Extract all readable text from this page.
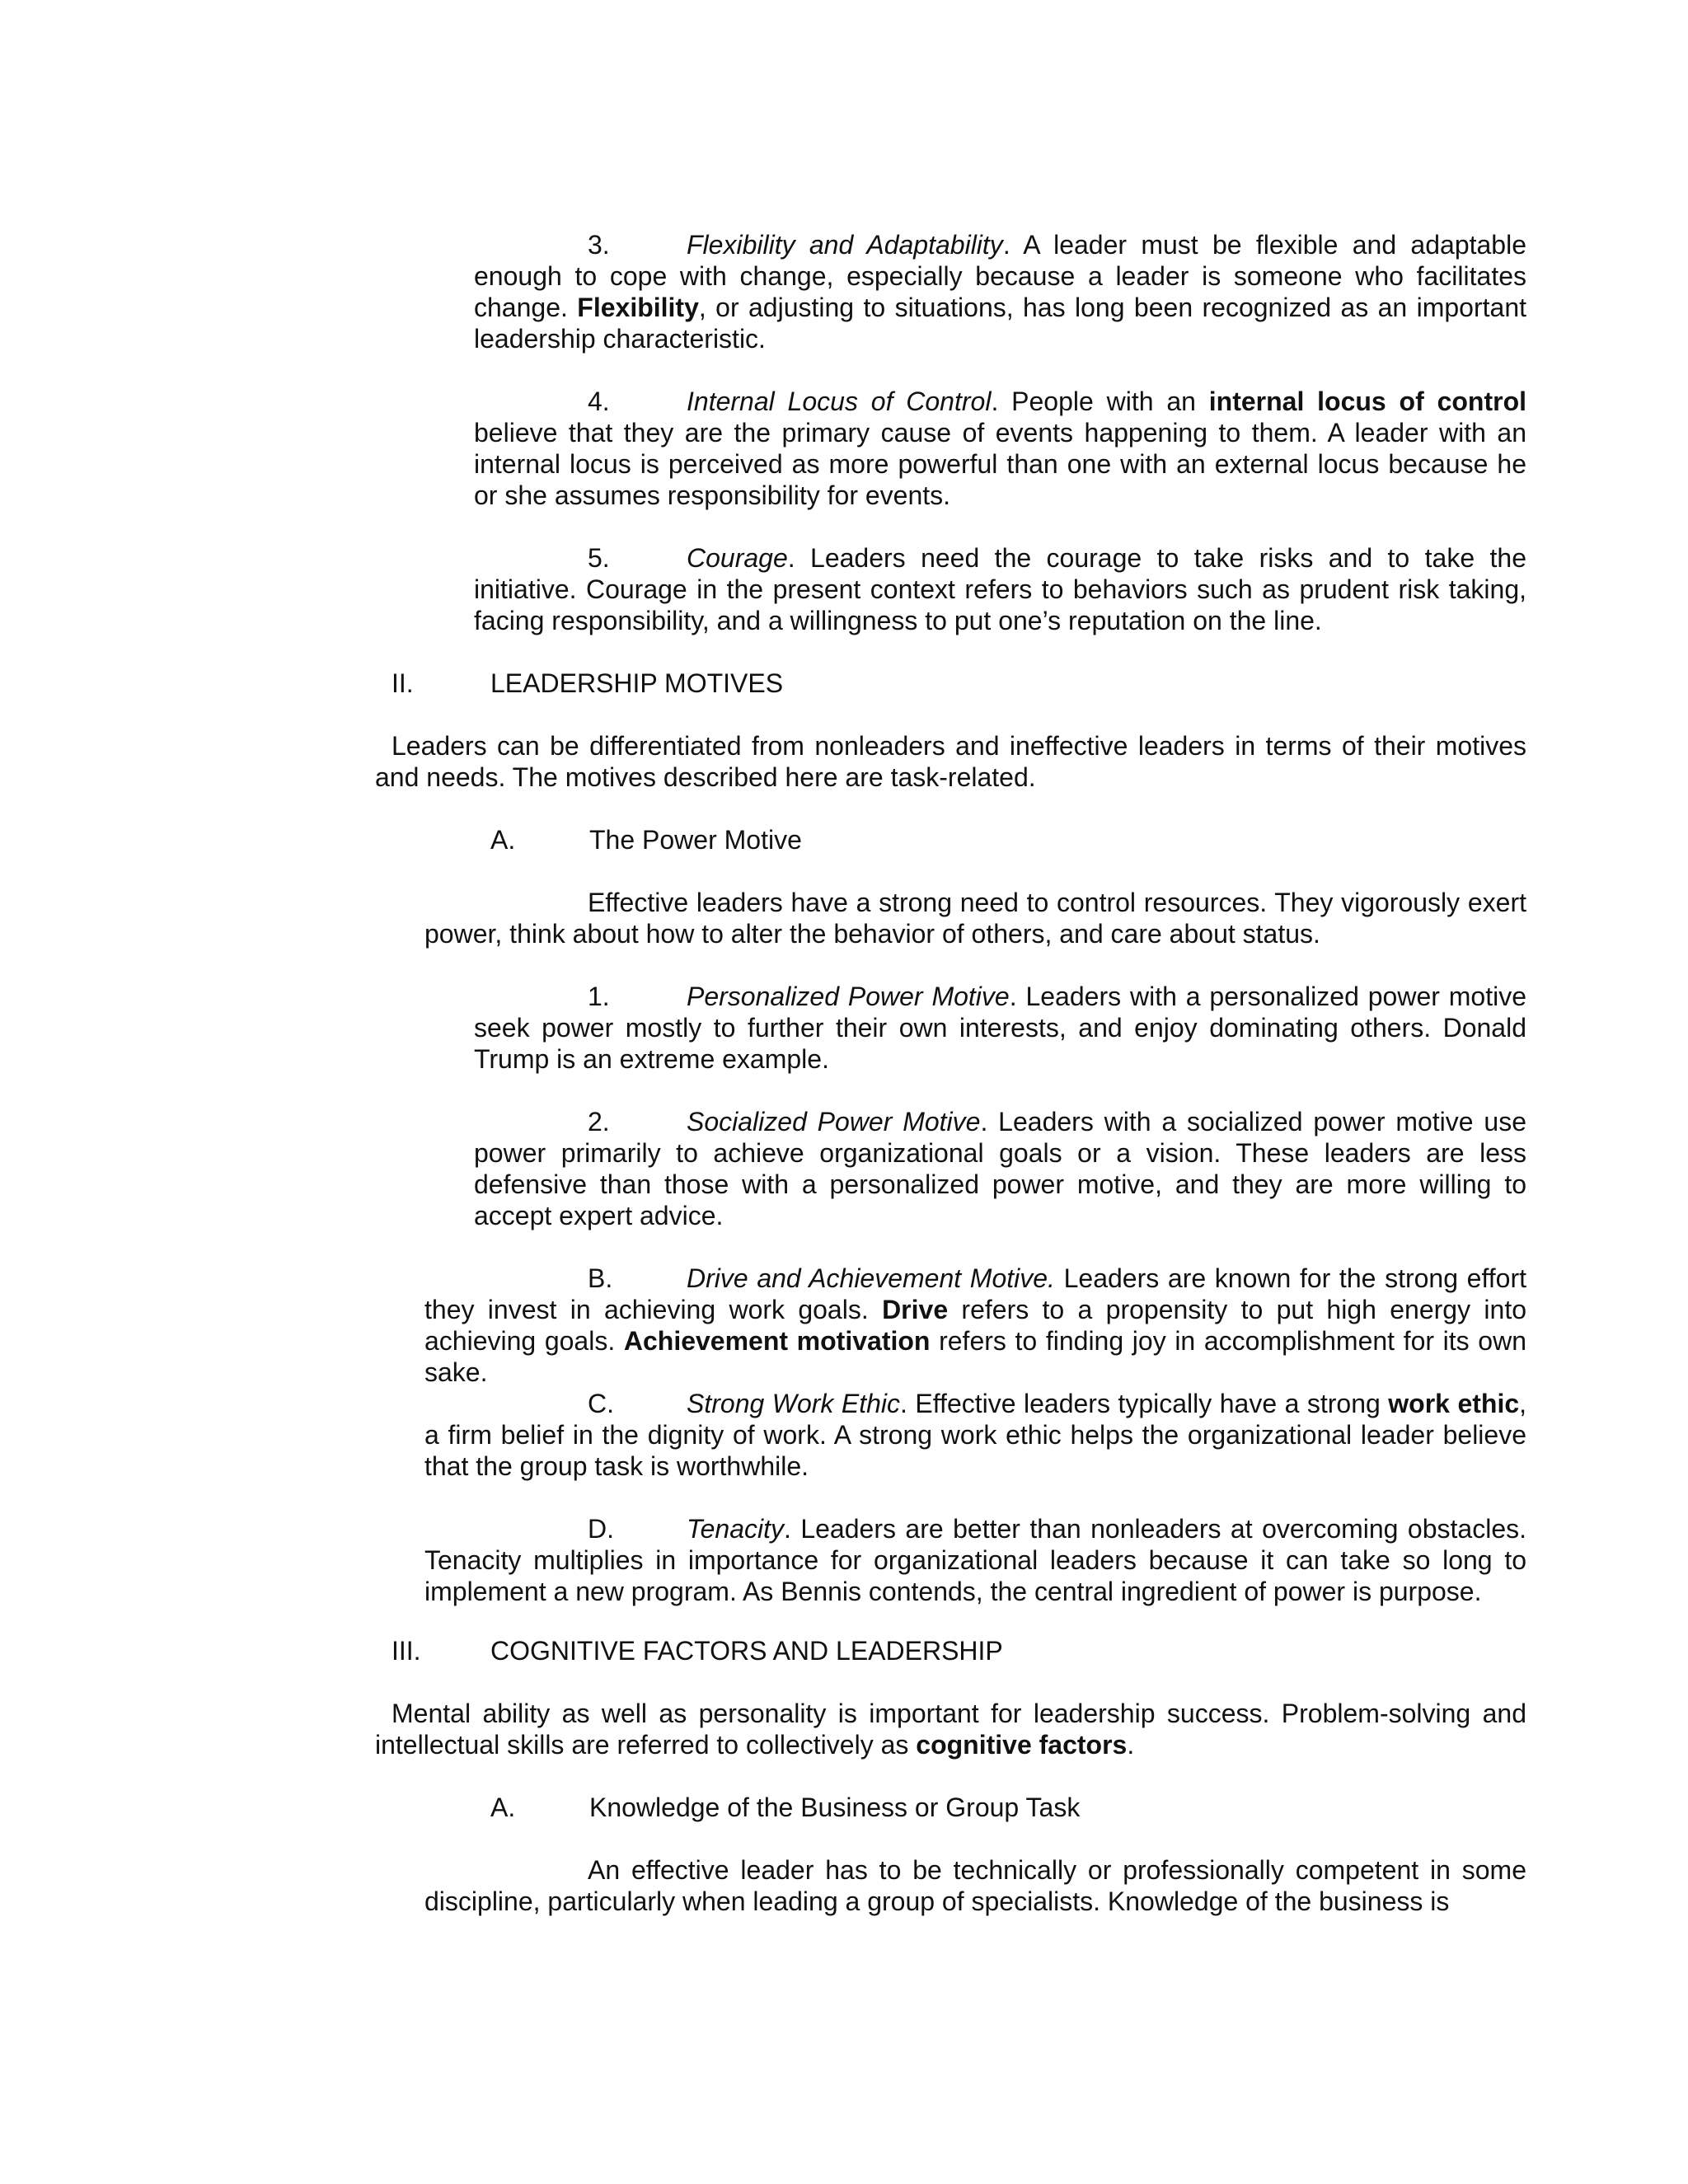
3.	Flexibility and Adaptability. A leader must be flexible and adaptable enough to cope with change, especially because a leader is someone who facilitates change. Flexibility, or adjusting to situations, has long been recognized as an important leadership characteristic.

4.	Internal Locus of Control. People with an internal locus of control believe that they are the primary cause of events happening to them. A leader with an internal locus is perceived as more powerful than one with an external locus because he or she assumes responsibility for events.

5.	Courage. Leaders need the courage to take risks and to take the initiative. Courage in the present context refers to behaviors such as prudent risk taking, facing responsibility, and a willingness to put one’s reputation on the line.

II.	LEADERSHIP MOTIVES

Leaders can be differentiated from nonleaders and ineffective leaders in terms of their motives and needs. The motives described here are task-related.

A.	The Power Motive

Effective leaders have a strong need to control resources. They vigorously exert power, think about how to alter the behavior of others, and care about status.

1.	Personalized Power Motive. Leaders with a personalized power motive seek power mostly to further their own interests, and enjoy dominating others. Donald Trump is an extreme example.

2.	Socialized Power Motive. Leaders with a socialized power motive use power primarily to achieve organizational goals or a vision. These leaders are less defensive than those with a personalized power motive, and they are more willing to accept expert advice.

B.	Drive and Achievement Motive. Leaders are known for the strong effort they invest in achieving work goals. Drive refers to a propensity to put high energy into achieving goals. Achievement motivation refers to finding joy in accomplishment for its own sake.

C.	Strong Work Ethic. Effective leaders typically have a strong work ethic, a firm belief in the dignity of work. A strong work ethic helps the organizational leader believe that the group task is worthwhile.

D.	Tenacity. Leaders are better than nonleaders at overcoming obstacles. Tenacity multiplies in importance for organizational leaders because it can take so long to implement a new program. As Bennis contends, the central ingredient of power is purpose.

III.	COGNITIVE FACTORS AND LEADERSHIP

Mental ability as well as personality is important for leadership success. Problem-solving and intellectual skills are referred to collectively as cognitive factors.

A.	Knowledge of the Business or Group Task

An effective leader has to be technically or professionally competent in some discipline, particularly when leading a group of specialists. Knowledge of the business is
